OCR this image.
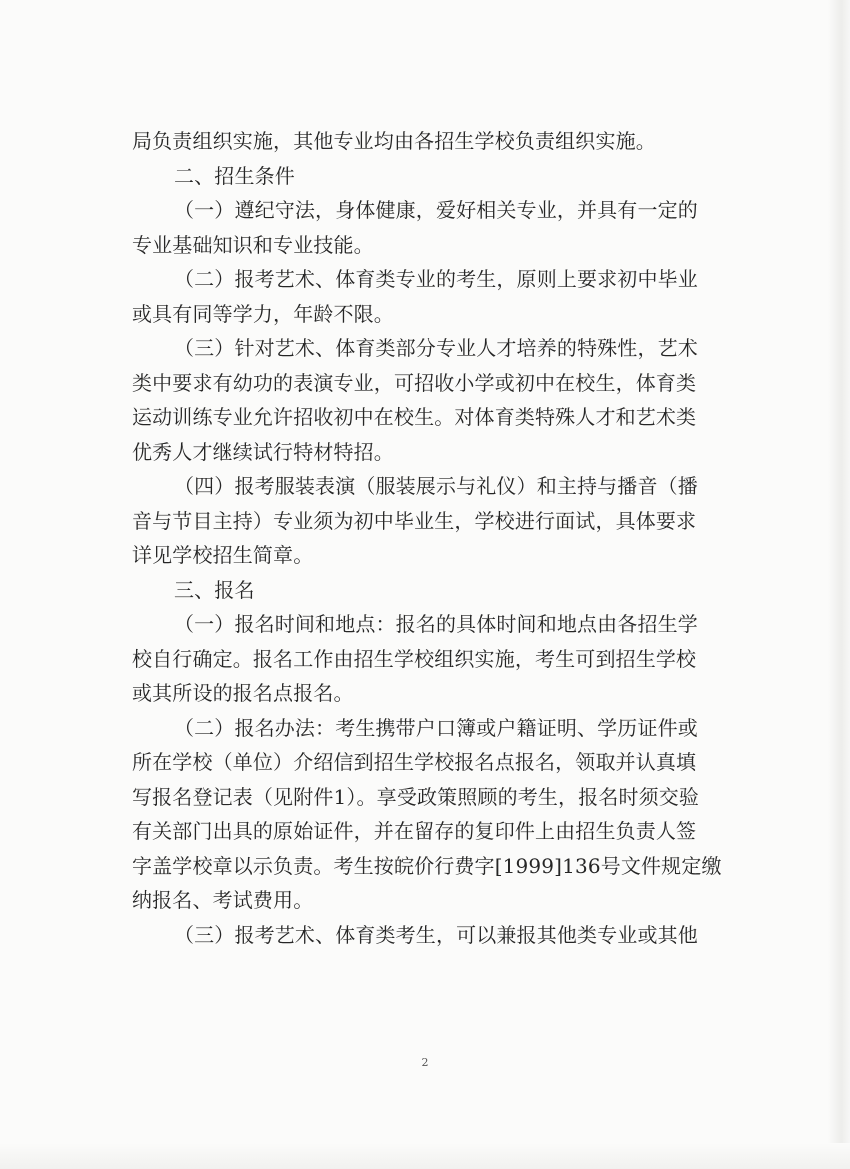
局负责组织实施，其他专业均由各招生学校负责组织实施。
二、招生条件
（一）遵纪守法，身体健康，爱好相关专业，并具有一定的
专业基础知识和专业技能。
（二）报考艺术、体育类专业的考生，原则上要求初中毕业
或具有同等学力，年龄不限。
（三）针对艺术、体育类部分专业人才培养的特殊性，艺术
类中要求有幼功的表演专业，可招收小学或初中在校生，体育类
运动训练专业允许招收初中在校生。对体育类特殊人才和艺术类
优秀人才继续试行特材特招。
（四）报考服装表演（服装展示与礼仪）和主持与播音（播
音与节目主持）专业须为初中毕业生，学校进行面试，具体要求
详见学校招生简章。
三、报名
（一）报名时间和地点：报名的具体时间和地点由各招生学
校自行确定。报名工作由招生学校组织实施，考生可到招生学校
或其所设的报名点报名。
（二）报名办法：考生携带户口簿或户籍证明、学历证件或
所在学校（单位）介绍信到招生学校报名点报名，领取并认真填
写报名登记表（见附件1）。享受政策照顾的考生，报名时须交验
有关部门出具的原始证件，并在留存的复印件上由招生负责人签
字盖学校章以示负责。考生按皖价行费字[1999]136号文件规定缴
纳报名、考试费用。
（三）报考艺术、体育类考生，可以兼报其他类专业或其他
2
